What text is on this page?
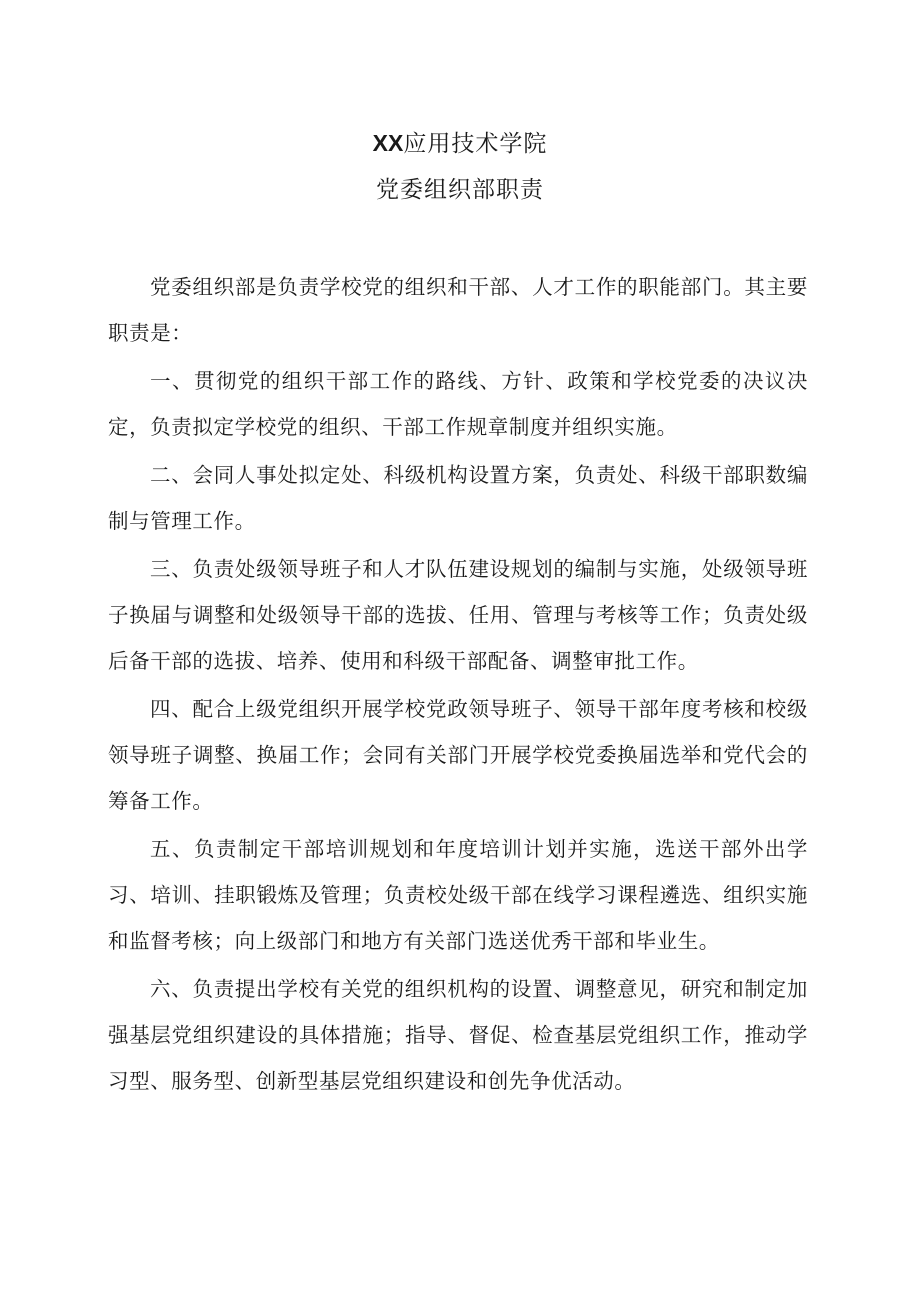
XX应用技术学院
党委组织部职责

党委组织部是负责学校党的组织和干部、人才工作的职能部门。其主要职责是：

一、贯彻党的组织干部工作的路线、方针、政策和学校党委的决议决定，负责拟定学校党的组织、干部工作规章制度并组织实施。

二、会同人事处拟定处、科级机构设置方案，负责处、科级干部职数编制与管理工作。

三、负责处级领导班子和人才队伍建设规划的编制与实施，处级领导班子换届与调整和处级领导干部的选拔、任用、管理与考核等工作；负责处级后备干部的选拔、培养、使用和科级干部配备、调整审批工作。

四、配合上级党组织开展学校党政领导班子、领导干部年度考核和校级领导班子调整、换届工作；会同有关部门开展学校党委换届选举和党代会的筹备工作。

五、负责制定干部培训规划和年度培训计划并实施，选送干部外出学习、培训、挂职锻炼及管理；负责校处级干部在线学习课程遴选、组织实施和监督考核；向上级部门和地方有关部门选送优秀干部和毕业生。

六、负责提出学校有关党的组织机构的设置、调整意见，研究和制定加强基层党组织建设的具体措施；指导、督促、检查基层党组织工作，推动学习型、服务型、创新型基层党组织建设和创先争优活动。
